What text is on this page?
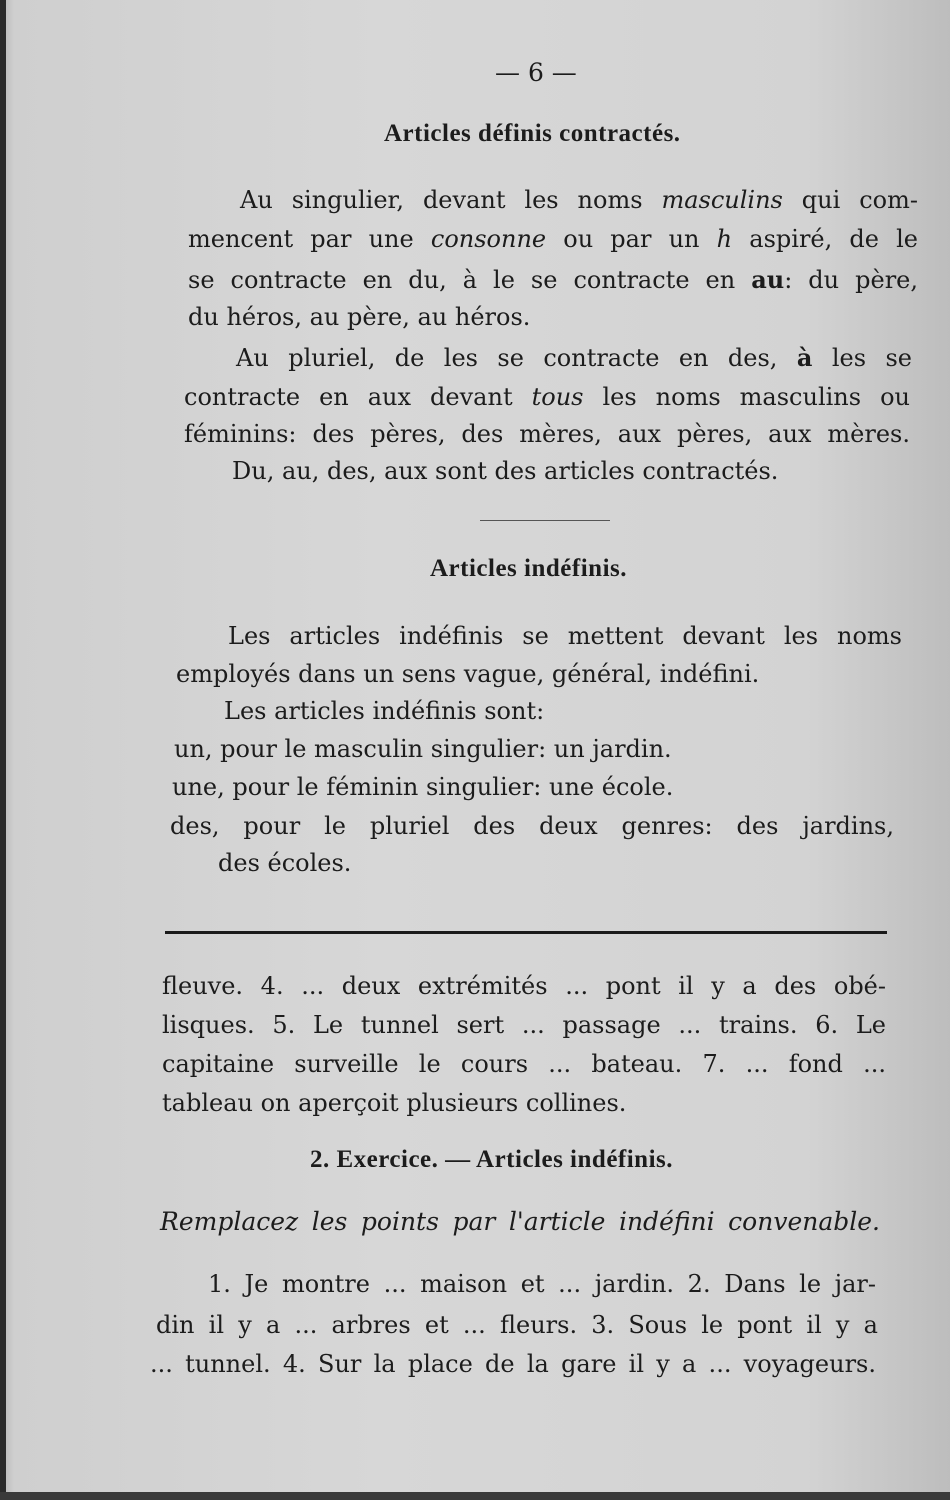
— 6 —
Articles définis contractés.
Au singulier, devant les noms masculins qui com-
mencent par une consonne ou par un h aspiré, de le
se contracte en du, à le se contracte en au: du père,
du héros, au père, au héros.
Au pluriel, de les se contracte en des, à les se
contracte en aux devant tous les noms masculins ou
féminins: des pères, des mères, aux pères, aux mères.
Du, au, des, aux sont des articles contractés.
Articles indéfinis.
Les articles indéfinis se mettent devant les noms
employés dans un sens vague, général, indéfini.
Les articles indéfinis sont:
un, pour le masculin singulier: un jardin.
une, pour le féminin singulier: une école.
des, pour le pluriel des deux genres: des jardins,
des écoles.
fleuve. 4. ... deux extrémités ... pont il y a des obé-
lisques. 5. Le tunnel sert ... passage ... trains. 6. Le
capitaine surveille le cours ... bateau. 7. ... fond ...
tableau on aperçoit plusieurs collines.
2. Exercice. — Articles indéfinis.
Remplacez les points par l'article indéfini convenable.
1. Je montre ... maison et ... jardin. 2. Dans le jar-
din il y a ... arbres et ... fleurs. 3. Sous le pont il y a
... tunnel. 4. Sur la place de la gare il y a ... voyageurs.
